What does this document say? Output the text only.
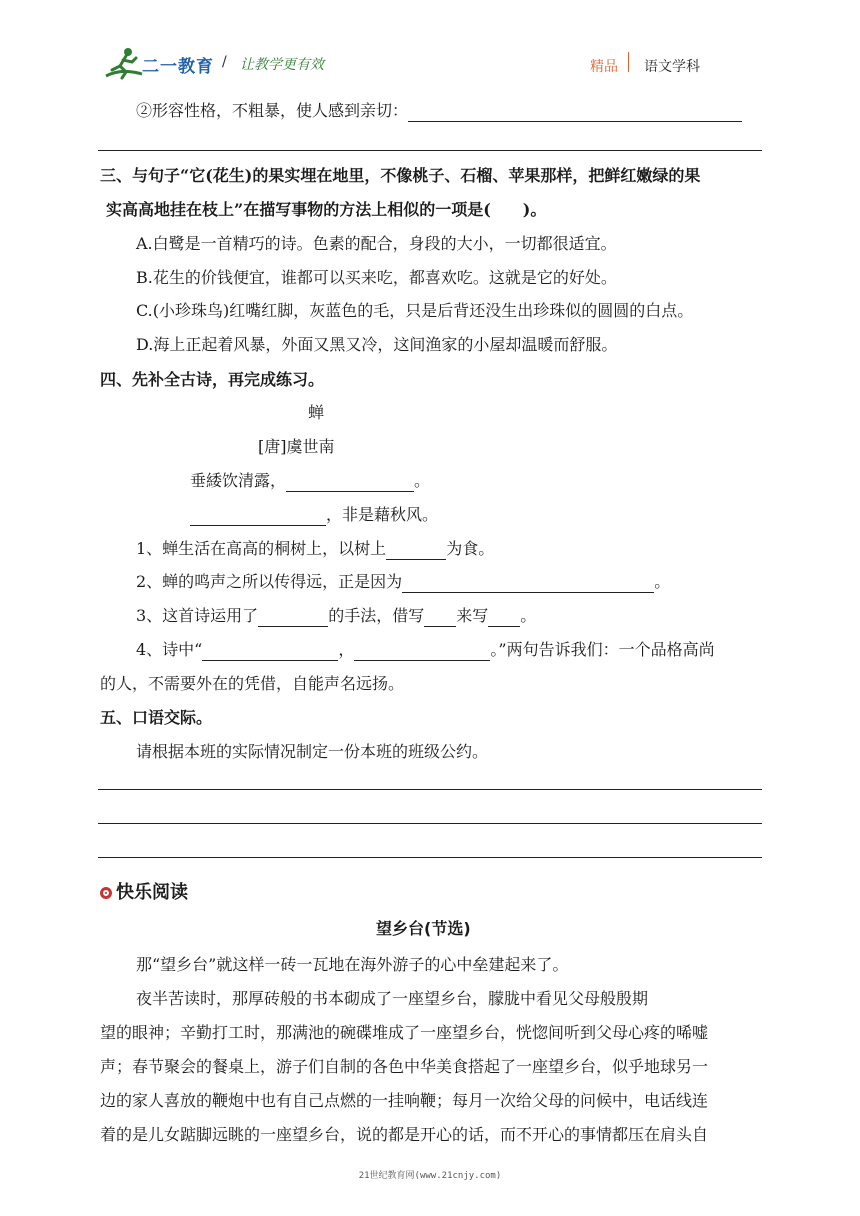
二一教育 / 让教学更有效	精品 语文学科
②形容性格，不粗暴，使人感到亲切：
三、与句子“它(花生)的果实埋在地里，不像桃子、石榴、苹果那样，把鲜红嫩绿的果
实高高地挂在枝上”在描写事物的方法上相似的一项是(　　)。
A.白鹭是一首精巧的诗。色素的配合，身段的大小，一切都很适宜。
B.花生的价钱便宜，谁都可以买来吃，都喜欢吃。这就是它的好处。
C.(小珍珠鸟)红嘴红脚，灰蓝色的毛，只是后背还没生出珍珠似的圆圆的白点。
D.海上正起着风暴，外面又黑又冷，这间渔家的小屋却温暖而舒服。
四、先补全古诗，再完成练习。
蝉
[唐]虞世南
垂緌饮清露，	。
，非是藉秋风。
1、蝉生活在高高的桐树上，以树上	为食。
2、蝉的鸣声之所以传得远，正是因为	。
3、这首诗运用了	的手法，借写 来写 。
4、诗中“	，	。”两句告诉我们：一个品格高尚
的人，不需要外在的凭借，自能声名远扬。
五、口语交际。
请根据本班的实际情况制定一份本班的班级公约。
快乐阅读
望乡台(节选)
那“望乡台”就这样一砖一瓦地在海外游子的心中垒建起来了。
夜半苦读时，那厚砖般的书本砌成了一座望乡台，朦胧中看见父母般殷期
望的眼神；辛勤打工时，那满池的碗碟堆成了一座望乡台，恍惚间听到父母心疼的唏嘘
声；春节聚会的餐桌上，游子们自制的各色中华美食搭起了一座望乡台，似乎地球另一
边的家人喜放的鞭炮中也有自己点燃的一挂响鞭；每月一次给父母的问候中，电话线连
着的是儿女踮脚远眺的一座望乡台，说的都是开心的话，而不开心的事情都压在肩头自
21世纪教育网(www.21cnjy.com)
